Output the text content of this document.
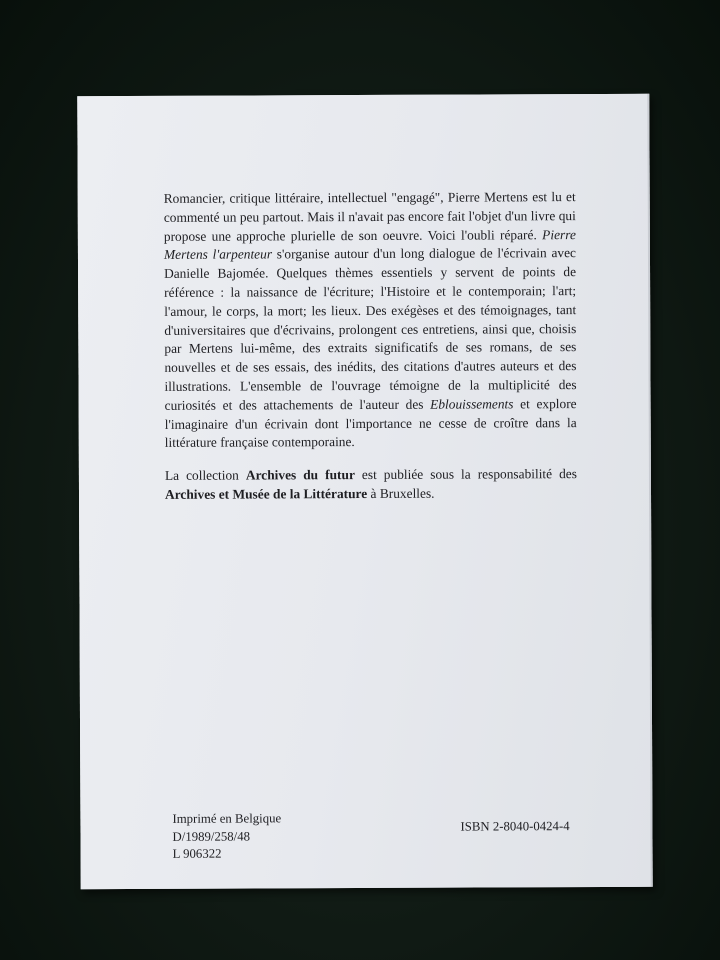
Romancier, critique littéraire, intellectuel "engagé", Pierre Mertens est lu et commenté un peu partout. Mais il n'avait pas encore fait l'objet d'un livre qui propose une approche plurielle de son oeuvre. Voici l'oubli réparé. Pierre Mertens l'arpenteur s'organise autour d'un long dialogue de l'écrivain avec Danielle Bajomée. Quelques thèmes essentiels y servent de points de référence : la naissance de l'écriture; l'Histoire et le contemporain; l'art; l'amour, le corps, la mort; les lieux. Des exégèses et des témoignages, tant d'universitaires que d'écrivains, prolongent ces entretiens, ainsi que, choisis par Mertens lui-même, des extraits significatifs de ses romans, de ses nouvelles et de ses essais, des inédits, des citations d'autres auteurs et des illustrations. L'ensemble de l'ouvrage témoigne de la multiplicité des curiosités et des attachements de l'auteur des Eblouissements et explore l'imaginaire d'un écrivain dont l'importance ne cesse de croître dans la littérature française contemporaine.

La collection Archives du futur est publiée sous la responsabilité des Archives et Musée de la Littérature à Bruxelles.

Imprimé en Belgique
D/1989/258/48
L 906322
ISBN 2-8040-0424-4
